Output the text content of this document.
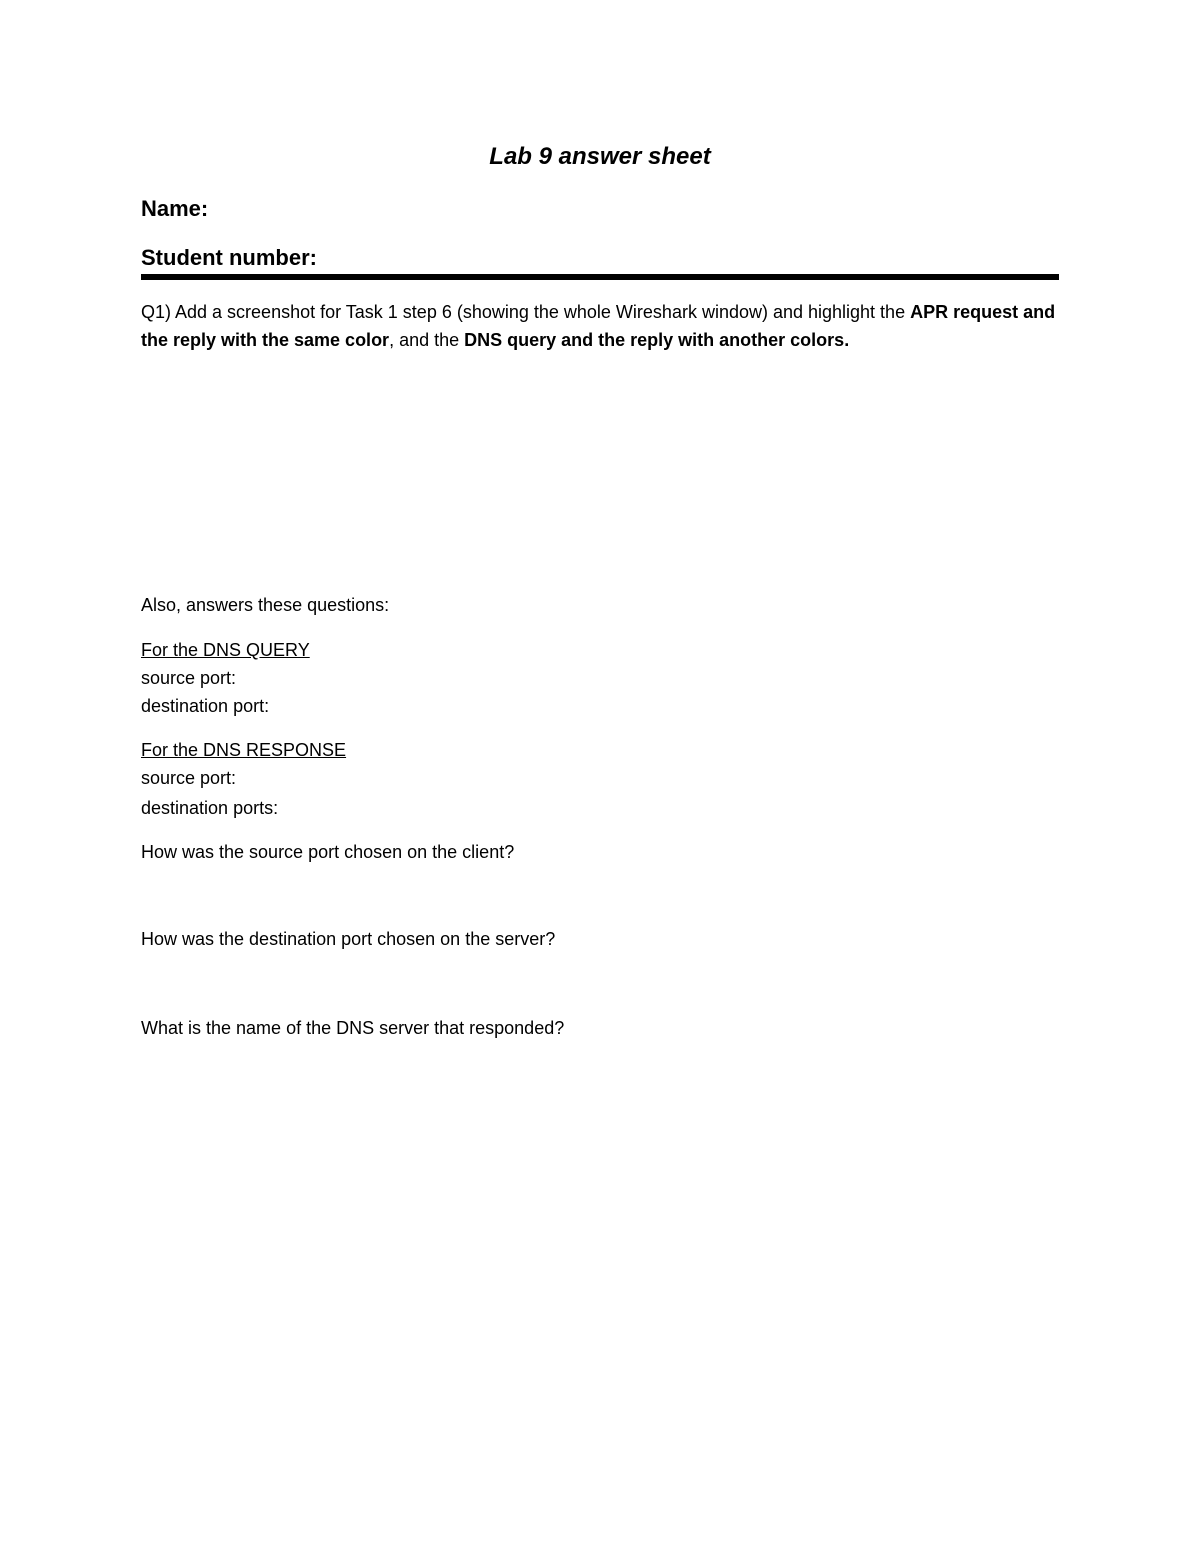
Lab 9 answer sheet
Name:
Student number:
Q1) Add a screenshot for Task 1 step 6 (showing the whole Wireshark window) and highlight the APR request and the reply with the same color, and the DNS query and the reply with another colors.
Also, answers these questions:
For the DNS QUERY
source port:
destination port:
For the DNS RESPONSE
source port:
destination ports:
How was the source port chosen on the client?
How was the destination port chosen on the server?
What is the name of the DNS server that responded?
